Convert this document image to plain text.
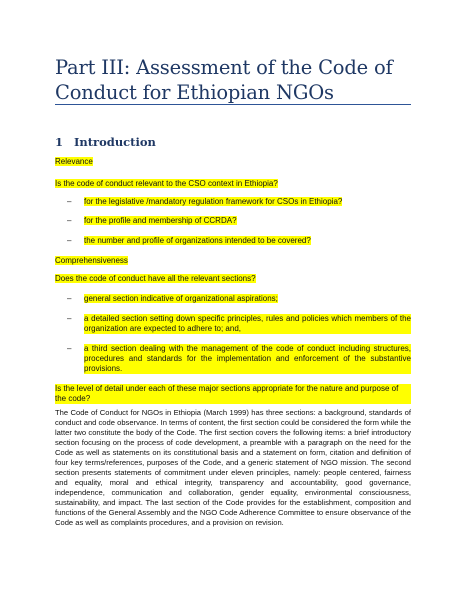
Part III: Assessment of the Code of Conduct for Ethiopian NGOs
1 Introduction
Relevance
Is the code of conduct relevant to the CSO context in Ethiopia?
– for the legislative /mandatory regulation framework for CSOs in Ethiopia?
– for the profile and membership of CCRDA?
– the number and profile of organizations intended to be covered?
Comprehensiveness
Does the code of conduct have all the relevant sections?
– general section indicative of organizational aspirations;
– a detailed section setting down specific principles, rules and policies which members of the organization are expected to adhere to; and,
– a third section dealing with the management of the code of conduct including structures, procedures and standards for the implementation and enforcement of the substantive provisions.
Is the level of detail under each of these major sections appropriate for the nature and purpose of the code?
The Code of Conduct for NGOs in Ethiopia (March 1999) has three sections: a background, standards of conduct and code observance. In terms of content, the first section could be considered the form while the latter two constitute the body of the Code. The first section covers the following items: a brief introductory section focusing on the process of code development, a preamble with a paragraph on the need for the Code as well as statements on its constitutional basis and a statement on form, citation and definition of four key terms/references, purposes of the Code, and a generic statement of NGO mission. The second section presents statements of commitment under eleven principles, namely: people centered, fairness and equality, moral and ethical integrity, transparency and accountability, good governance, independence, communication and collaboration, gender equality, environmental consciousness, sustainability, and impact. The last section of the Code provides for the establishment, composition and functions of the General Assembly and the NGO Code Adherence Committee to ensure observance of the Code as well as complaints procedures, and a provision on revision.
